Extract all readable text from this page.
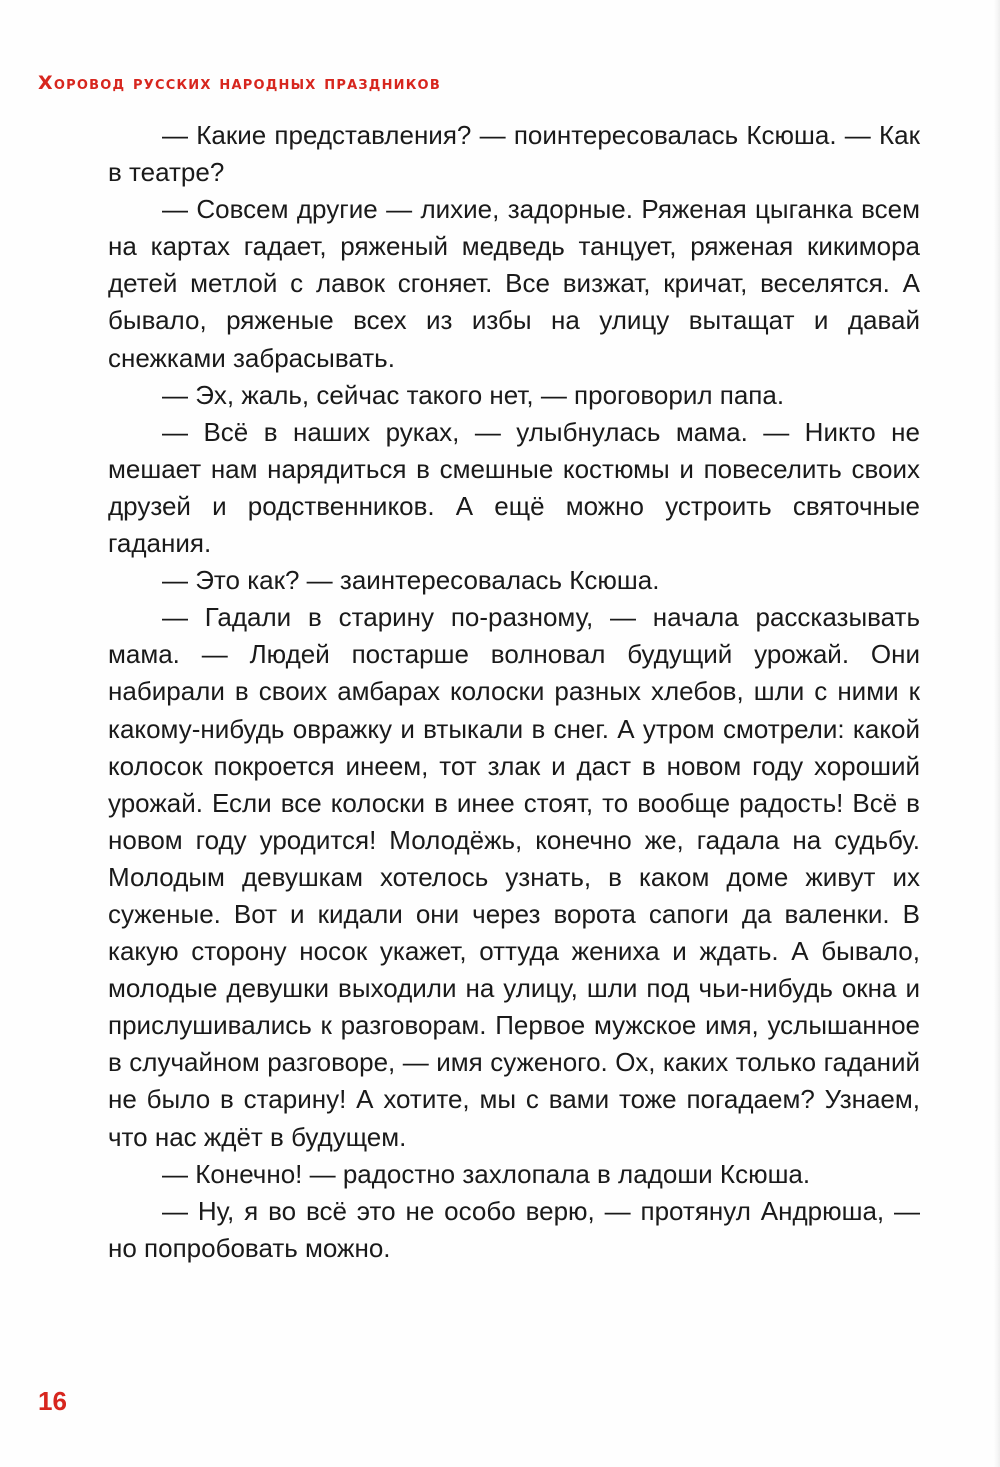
Хоровод русских народных праздников

— Какие представления? — поинтересовалась Ксюша. — Как в театре?

— Совсем другие — лихие, задорные. Ряженая цыганка всем на картах гадает, ряженый медведь танцует, ряженая кикимора детей метлой с лавок сгоняет. Все визжат, кричат, веселятся. А бывало, ряженые всех из избы на улицу вытащат и давай снежками забрасывать.

— Эх, жаль, сейчас такого нет, — проговорил папа.

— Всё в наших руках, — улыбнулась мама. — Никто не мешает нам нарядиться в смешные костюмы и повеселить своих друзей и родственников. А ещё можно устроить святочные гадания.

— Это как? — заинтересовалась Ксюша.

— Гадали в старину по-разному, — начала рассказывать мама. — Людей постарше волновал будущий урожай. Они набирали в своих амбарах колоски разных хлебов, шли с ними к какому-нибудь овражку и втыкали в снег. А утром смотрели: какой колосок покроется инеем, тот злак и даст в новом году хороший урожай. Если все колоски в инее стоят, то вообще радость! Всё в новом году уродится! Молодёжь, конечно же, гадала на судьбу. Молодым девушкам хотелось узнать, в каком доме живут их суженые. Вот и кидали они через ворота сапоги да валенки. В какую сторону носок укажет, оттуда жениха и ждать. А бывало, молодые девушки выходили на улицу, шли под чьи-нибудь окна и прислушивались к разговорам. Первое мужское имя, услышанное в случайном разговоре, — имя суженого. Ох, каких только гаданий не было в старину! А хотите, мы с вами тоже погадаем? Узнаем, что нас ждёт в будущем.

— Конечно! — радостно захлопала в ладоши Ксюша.

— Ну, я во всё это не особо верю, — протянул Андрюша, — но попробовать можно.

16
